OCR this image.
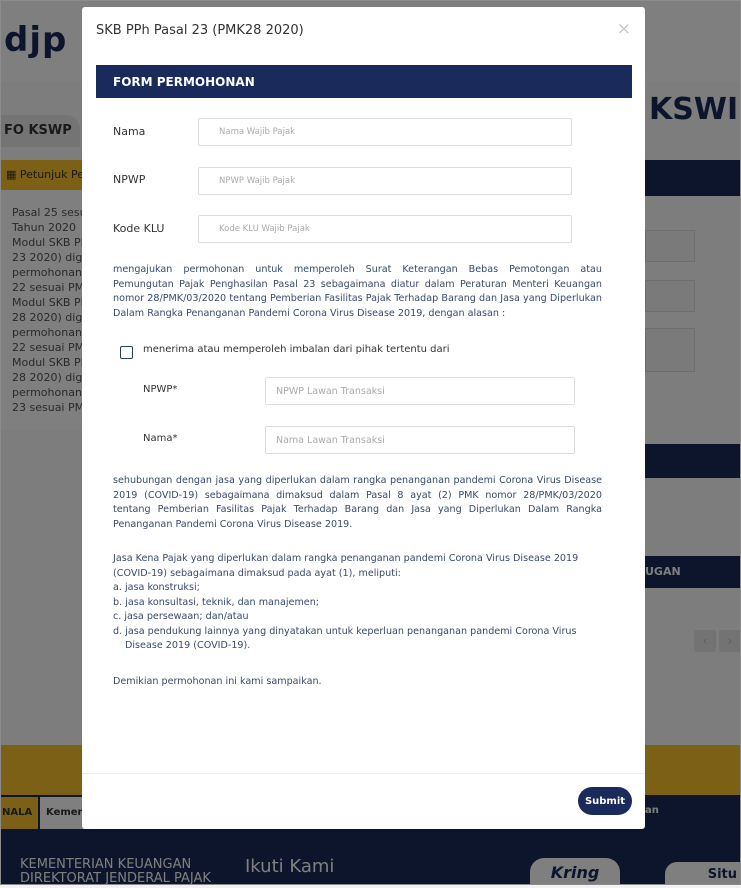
SKB PPh Pasal 23 (PMK28 2020)	×
FORM PERMOHONAN
Nama
Nama Wajib Pajak
NPWP
NPWP Wajib Pajak
Kode KLU
Kode KLU Wajib Pajak
mengajukan permohonan untuk memperoleh Surat Keterangan Bebas Pemotongan atau Pemungutan Pajak Penghasilan Pasal 23 sebagaimana diatur dalam Peraturan Menteri Keuangan nomor 28/PMK/03/2020 tentang Pemberian Fasilitas Pajak Terhadap Barang dan Jasa yang Diperlukan Dalam Rangka Penanganan Pandemi Corona Virus Disease 2019, dengan alasan :
menerima atau memperoleh imbalan dari pihak tertentu dari
NPWP*
NPWP Lawan Transaksi
Nama*
Nama Lawan Transaksi
sehubungan dengan jasa yang diperlukan dalam rangka penanganan pandemi Corona Virus Disease 2019 (COVID-19) sebagaimana dimaksud dalam Pasal 8 ayat (2) PMK nomor 28/PMK/03/2020 tentang Pemberian Fasilitas Pajak Terhadap Barang dan Jasa yang Diperlukan Dalam Rangka Penanganan Pandemi Corona Virus Disease 2019.
Jasa Kena Pajak yang diperlukan dalam rangka penanganan pandemi Corona Virus Disease 2019 (COVID-19) sebagaimana dimaksud pada ayat (1), meliputi:
a. jasa konstruksi;
b. jasa konsultasi, teknik, dan manajemen;
c. jasa persewaan; dan/atau
d. jasa pendukung lainnya yang dinyatakan untuk keperluan penanganan pandemi Corona Virus Disease 2019 (COVID-19).
Demikian permohonan ini kami sampaikan.
Submit
